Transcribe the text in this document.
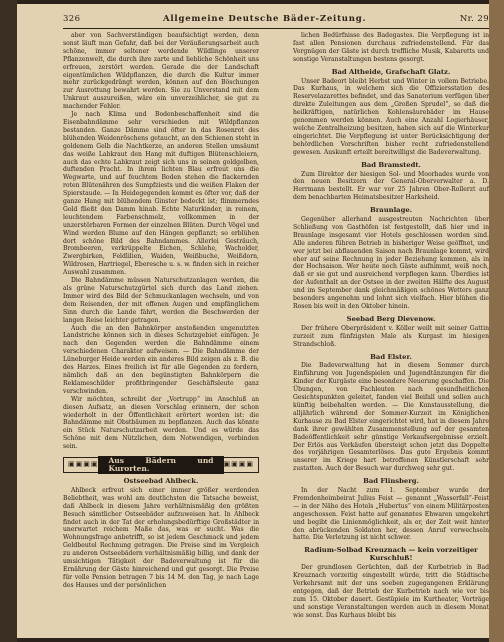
326	Allgemeine Deutsche Bäder-Zeitung.	Nr. 29

aber von Sachverständigen beaufsichtigt werden, denn sonst läuft man Gefahr, daß bei der Veräußerungsarbeit auch schöne, immer seltener werdende Wildlinge unserer Pflanzenwelt, die durch ihre zarte und liebliche Schönheit uns erfreuen, zerstört werden. Gerade die der Landschaft eigentümlichen Wildpflanzen, die durch die Kultur immer mehr zurückgedrängt werden, können auf den Böschungen zur Ausrottung bewahrt werden. Sie zu Unverstand mit dem Unkraut auszureißen, wäre ein unverzeihlicher, sie gut zu machender Fehler.

Je nach Klima und Bodenbeschaffenheit sind die Eisenbahndämme sehr verschieden mit Wildpflanzen bestanden. Ganze Dämme sind öfter in das Rosenrot des blühenden Weidenröschens getaucht, an den Schienen steht in goldenem Gelb die Nachtkerze, an anderen Stellen umsäumt das weiße Labkraut den Hang mit duftigen Blütenschleiern, auch das echte Labkraut zeigt sich uns in seinen goldgelben, duftenden Pracht. In ihrem lichten Blau erfreut uns die Wegwarte, und auf feuchtem Boden stehen die flackernden roten Blütenähren des Sumpfziests und die weißen Flaken der Spierstaude. — In Heidegegenden kommt es öfter vor, daß der ganze Hang mit blühendem Ginster bedeckt ist; flimmerndes Gold fließt den Damm hinab. Echte Naturkinder, in reinem, leuchtendem Farbenschmelz, vollkommen in der unzerstörbaren Formen der einzelnen Blüten. Durch Vögel und Wind werden Blume auf den Hängen gepflanzt; so erblühen dort schöne Bild des Bahndammes. Allerlei Gesträuch, Brombeeren, verkrüppelte Eichen, Schlehe, Wacholder, Zwergbirken, Feldlilien, Waiden, Weißbuche, Weißdorn, Wildrosen, Hartriegel, Eberesche u. s. w. finden sich in reicher Auswahl zusammen.

Die Bahndämme müssen Naturschutzanlagen werden, die als grüne Naturschutzgürtel sich durch das Land ziehen. Immer wird des Bild der Schmuckanlagen wechseln, und von dem Reisenden, der mit offenen Augen und empfänglichem Sinn durch die Lande fährt, werden die Beschwerden der langen Reise leichter getragen.

Auch die an den Bahnkörper anstoßenden ungenutzten Landstriche können sich in dieses Schutzgebiet einfügen. Je nach den Gegenden werden die Bahndämme einem verschiedenen Charakter aufweisen. — Die Bahndämme der Lüneburger Heide werden ein anderes Bild zeigen als z. B. die des Harzes. Eines freilich ist für alle Gegenden zu fordern, nämlich daß an den begünstigten Bahnkörpern die Reklameschilder profitbringender Geschäftsleute ganz verschwinden.

Wir möchten, schreibt der „Vortrupp“ im Anschluß an diesen Aufsatz, an diesen Vorschlag erinnern, der schon wiederholt in der Öffentlichkeit erörtert worden ist: die Bahndämme mit Obstbäumen zu bepflanzen. Auch das könnte ein Stück Naturschutzarbeit werden. Und es würde das Schöne mit dem Nützlichen, dem Notwendigen, verbinden sein.

▣▣▣▣	Aus Bädern und Kurorten.	▣▣▣▣
Ostseebad Ahlbeck.

Ahlbeck erfreut sich einer immer größer werdenden Beliebtheit, was wohl am deutlichsten die Tatsache beweist, daß Ahlbeck in diesem Jahre verhältnismäßig den größten Besuch sämtlicher Ostseebäder aufzuweisen hat. In Ahlbeck findet auch in der Tat der erholungsbedürftige Großstädter in unerwartet reichem Maße das, was er sucht. Was die Wohnungsfrage anbetrifft, so ist jedem Geschmack und jedem Geldbeutel Rechnung getragen. Die Preise sind im Vergleich zu anderen Ostseebädern verhältnismäßig billig, und dank der umsichtigen Tätigkeit der Badeverwaltung ist für die Ernährung der Gäste hinreichend und gut gesorgt. Die Preise für volle Pension betragen 7 bis 14 M. den Tag, je nach Lage des Hauses und der persönlichen

lichen Bedürfnisse des Badegastes. Die Verpflegung ist in fast allen Pensionen durchaus zufriedenstellend. Für das Vergnügen der Gäste ist durch treffliche Musik, Kabaretts und sonstige Veranstaltungen bestens gesorgt.

Bad Altheide, Grafschaft Glatz.

Unser Badeort bleibt Herbst und Winter in vollem Betriebe. Das Kurhaus, in welchem sich die Offiziersstation des Reservelazarettes befindet, und das Sanatorium verfügen über direkte Zuleitungen aus dem „Großen Sprudel“, so daß die heilkräftigen, natürlichen Kohlensäurebäder im Hause genommen werden können. Auch eine Anzahl Logierhäuser, welche Zentralheizung besitzen, haben sich auf die Winterkur eingerichtet. Die Verpflegung ist unter Berücksichtigung der behördlichen Vorschriften bisher recht zufriedenstellend gewesen. Auskunft erteilt bereitwilligst die Badeverwaltung.

Bad Bramstedt.

Zum Direktor der hiesigen Sol- und Moorbades wurde von den neuen Besitzern der General-Oberverwalter a. D. Herrmann bestellt. Er war vor 25 Jahren Ober-Rollerzt auf dem benachbarten Heimatsbesitzer Harksheid.

Braunlage.

Gegenüber allerhand ausgestreuten Nachrichten über Schließung von Gasthöfen ist festgestellt, daß hier und in Braunlage insgesamt vier Hotels geschlossen worden sind. Alle anderen führen Betrieb in bisheriger Weise geöffnet, und wer jetzt bei abflauenden Saison nach Braunlage kommt, wird eher auf seine Rechnung in jeder Beziehung kommen, als in der Hochsaison. Wer heute noch Gäste aufnimmt, weiß noch, daß er sie gut und ausreichend verpflegen kann. Überdies ist der Aufenthalt an der Ostsee in der zweiten Hälfte des August und im September dank gleichmäßigen schönes Wetters ganz besonders angenehm und lohnt sich vielfach. Hier blühen die Rosen bis weit in den Oktober hinein.

Seebad Berg Dievenow.

Der frühere Oberpräsident v. Köller weilt mit seiner Gattin zurzeit zum fünfzigsten Male als Kurgast im hiesigen Strandschloß.

Bad Elster.

Die Badeverwaltung hat in diesem Sommer durch Einführung von Jugendspielen und Jugendtänzungen für die Kinder der Kurgäste eine besondere Neuerung geschaffen. Die Übungen, von Fachleuten nach gesundheitlichen Gesichtspunkten geleitet, fanden viel Beifall und sollen auch künftig beibehalten werden. — Die Kunstausstellung, die alljährlich während der Sommer-Kurzeit im Königlichen Kurhause zu Bad Elster eingerichtet wird, hat in diesem Jahre dank ihrer gewählten Zusammenstellung auf der gesamten Badeöffentlichkeit sehr günstige Verkaufsergebnisse erzielt. Der Erlös aus Verkäufen übersteigt schon jetzt das Doppelte des vorjährigen Gesamterlöses. Das gute Ergebnis kommt unserer im Kriege hart betroffenen Künstlerschaft sehr zustatten. Auch der Besuch war durchweg sehr gut.

Bad Flinsberg.

In der Nacht zum 1. September wurde der Fremdenheimbeirat Julius Feist — genannt „Wasserfall“-Feist — in der Nähe des Hotels „Hubertus“ von einem Militärposten angeschossen. Feist hatte auf genanntes Ehwaren umgekehrt und begibt die Linienmöglichkeit, als er, der Zeit weit hinter den abrückenden Soldaten her, dessen Anruf verwechseln hatte. Die Verletzung ist nicht schwer.

Radium-Solbad Kreuznach — kein vorzeitiger Kurschluß!

Der grundlosen Gerüchten, daß der Kurbetrieb in Bad Kreuznach vorzeitig eingestellt würde, tritt die Städtische Verkehrsamt mit der uns soeben zugegangenen Erklärung entgegen, daß der Betrieb der Kurbetrieb nach wie vor bis zum 15. Oktober dauert. Gestüpiele im Kurtheater, Vorträge und sonstige Veranstaltungen werden auch in diesem Monat wie sonst. Das Kurhaus bleibt bis
